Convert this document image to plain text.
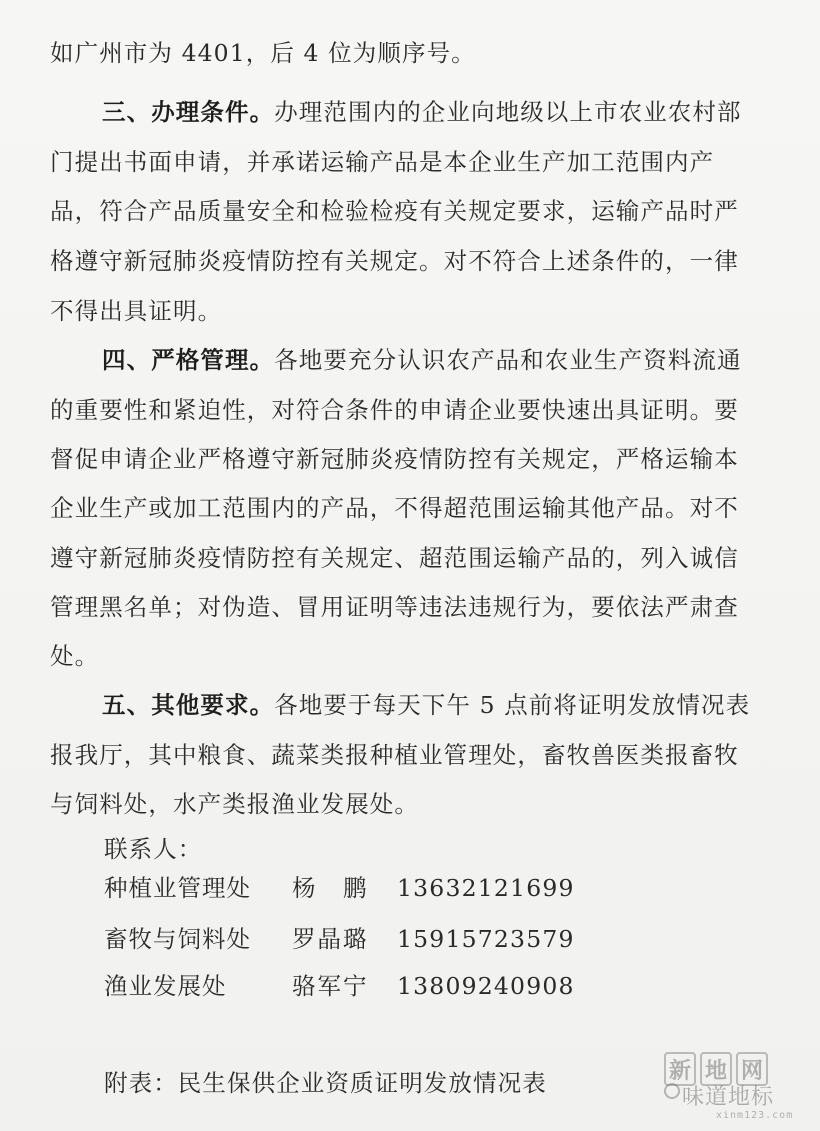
如广州市为 4401，后 4 位为顺序号。
三、办理条件。办理范围内的企业向地级以上市农业农村部
门提出书面申请，并承诺运输产品是本企业生产加工范围内产
品，符合产品质量安全和检验检疫有关规定要求，运输产品时严
格遵守新冠肺炎疫情防控有关规定。对不符合上述条件的，一律
不得出具证明。
四、严格管理。各地要充分认识农产品和农业生产资料流通
的重要性和紧迫性，对符合条件的申请企业要快速出具证明。要
督促申请企业严格遵守新冠肺炎疫情防控有关规定，严格运输本
企业生产或加工范围内的产品，不得超范围运输其他产品。对不
遵守新冠肺炎疫情防控有关规定、超范围运输产品的，列入诚信
管理黑名单；对伪造、冒用证明等违法违规行为，要依法严肃查
处。
五、其他要求。各地要于每天下午 5 点前将证明发放情况表
报我厅，其中粮食、蔬菜类报种植业管理处，畜牧兽医类报畜牧
与饲料处，水产类报渔业发展处。
联系人：
种植业管理处 杨　鹏 13632121699
畜牧与饲料处 罗晶璐 15915723579
渔业发展处	骆军宁 13809240908
附表：民生保供企业资质证明发放情况表	新 地 网
味道地标
xinm123.com
